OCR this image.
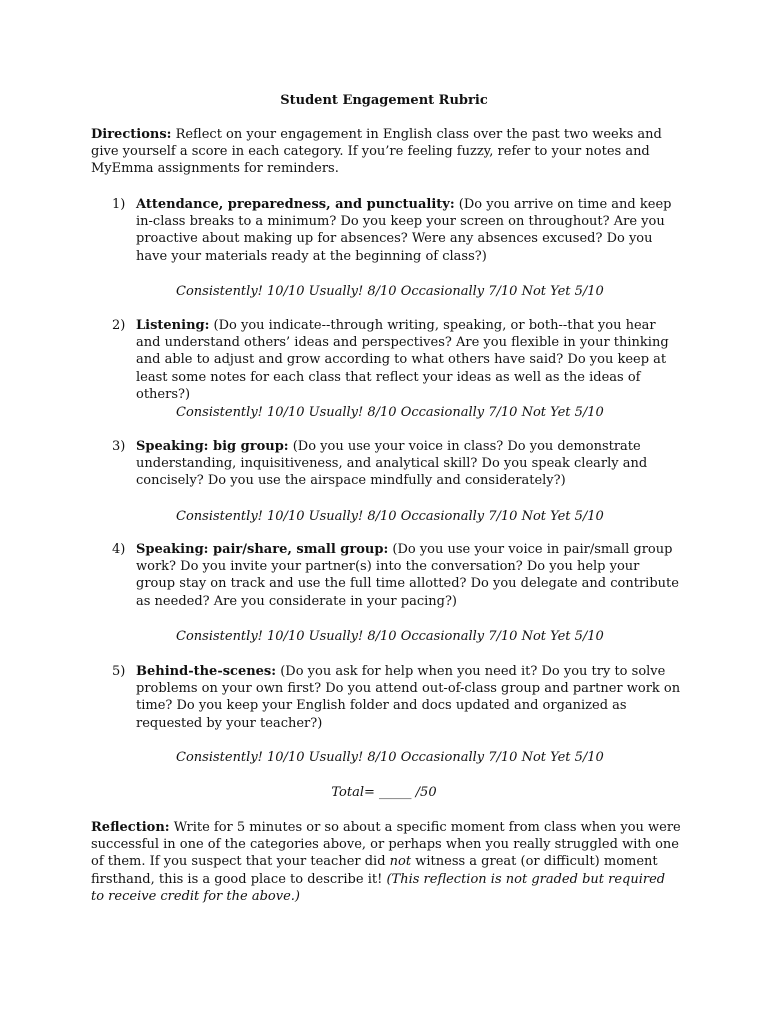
Student Engagement Rubric
Directions: Reflect on your engagement in English class over the past two weeks and give yourself a score in each category. If you’re feeling fuzzy, refer to your notes and MyEmma assignments for reminders.
1) Attendance, preparedness, and punctuality: (Do you arrive on time and keep in-class breaks to a minimum? Do you keep your screen on throughout? Are you proactive about making up for absences? Were any absences excused? Do you have your materials ready at the beginning of class?)
Consistently! 10/10 Usually! 8/10 Occasionally 7/10 Not Yet 5/10
2) Listening: (Do you indicate--through writing, speaking, or both--that you hear and understand others’ ideas and perspectives? Are you flexible in your thinking and able to adjust and grow according to what others have said? Do you keep at least some notes for each class that reflect your ideas as well as the ideas of others?)
Consistently! 10/10 Usually! 8/10 Occasionally 7/10 Not Yet 5/10
3) Speaking: big group: (Do you use your voice in class? Do you demonstrate understanding, inquisitiveness, and analytical skill? Do you speak clearly and concisely? Do you use the airspace mindfully and considerately?)
Consistently! 10/10 Usually! 8/10 Occasionally 7/10 Not Yet 5/10
4) Speaking: pair/share, small group: (Do you use your voice in pair/small group work? Do you invite your partner(s) into the conversation? Do you help your group stay on track and use the full time allotted? Do you delegate and contribute as needed? Are you considerate in your pacing?)
Consistently! 10/10 Usually! 8/10 Occasionally 7/10 Not Yet 5/10
5) Behind-the-scenes: (Do you ask for help when you need it? Do you try to solve problems on your own first? Do you attend out-of-class group and partner work on time? Do you keep your English folder and docs updated and organized as requested by your teacher?)
Consistently! 10/10 Usually! 8/10 Occasionally 7/10 Not Yet 5/10
Total= _____ /50
Reflection: Write for 5 minutes or so about a specific moment from class when you were successful in one of the categories above, or perhaps when you really struggled with one of them. If you suspect that your teacher did not witness a great (or difficult) moment firsthand, this is a good place to describe it! (This reflection is not graded but required to receive credit for the above.)
